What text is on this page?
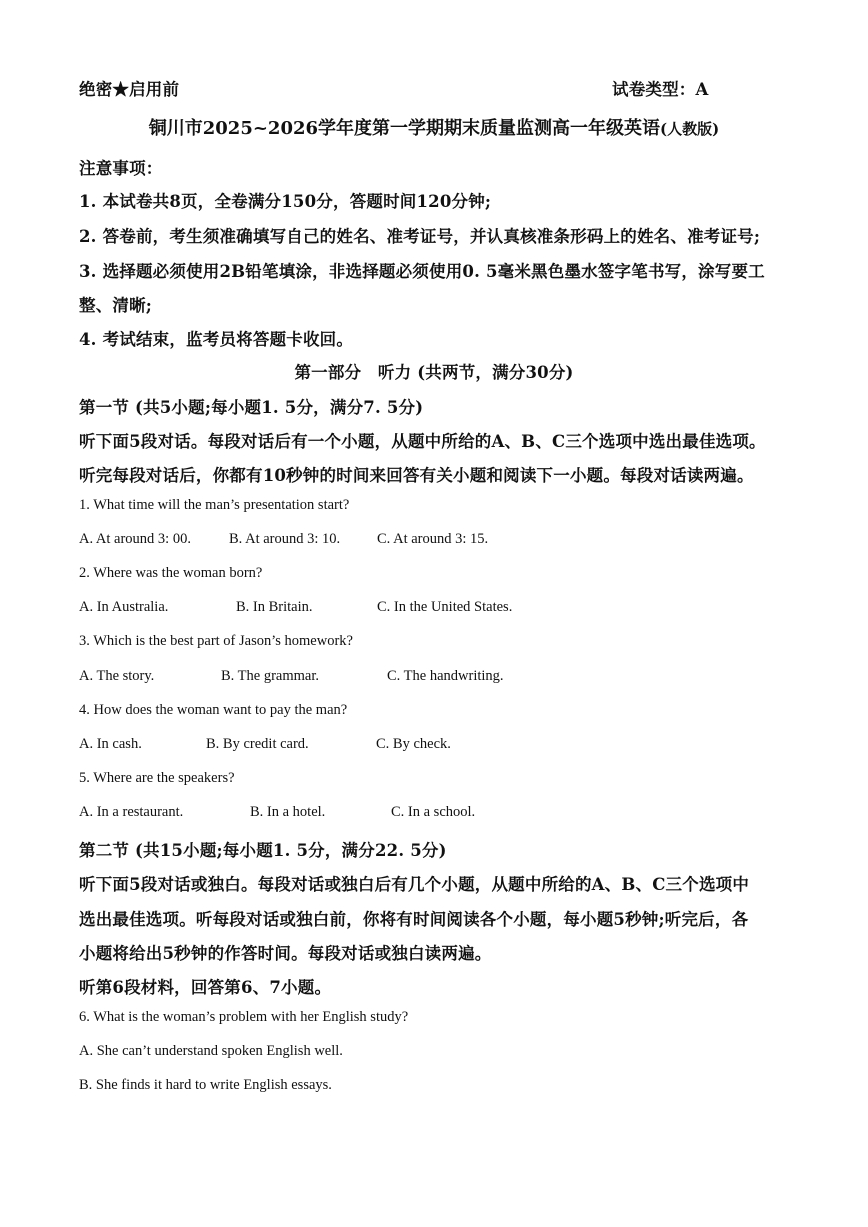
绝密★启用前	试卷类型：A
铜川市2025~2026学年度第一学期期末质量监测高一年级英语(人教版)
注意事项：
1. 本试卷共8页，全卷满分150分，答题时间120分钟;
2. 答卷前，考生须准确填写自己的姓名、准考证号，并认真核准条形码上的姓名、准考证号;
3. 选择题必须使用2B铅笔填涂，非选择题必须使用0. 5毫米黑色墨水签字笔书写，涂写要工
整、清晰;
4. 考试结束，监考员将答题卡收回。
第一部分　听力 (共两节，满分30分)
第一节 (共5小题;每小题1. 5分，满分7. 5分)
听下面5段对话。每段对话后有一个小题，从题中所给的A、B、C三个选项中选出最佳选项。
听完每段对话后，你都有10秒钟的时间来回答有关小题和阅读下一小题。每段对话读两遍。
1. What time will the man’s presentation start?
A. At around 3: 00.	B. At around 3: 10.	C. At around 3: 15.
2. Where was the woman born?
A. In Australia.	B. In Britain.	C. In the United States.
3. Which is the best part of Jason’s homework?
A. The story.	B. The grammar.	C. The handwriting.
4. How does the woman want to pay the man?
A. In cash.	B. By credit card.	C. By check.
5. Where are the speakers?
A. In a restaurant.	B. In a hotel.	C. In a school.
第二节 (共15小题;每小题1. 5分，满分22. 5分)
听下面5段对话或独白。每段对话或独白后有几个小题，从题中所给的A、B、C三个选项中
选出最佳选项。听每段对话或独白前，你将有时间阅读各个小题，每小题5秒钟;听完后，各
小题将给出5秒钟的作答时间。每段对话或独白读两遍。
听第6段材料，回答第6、7小题。
6. What is the woman’s problem with her English study?
A. She can’t understand spoken English well.
B. She finds it hard to write English essays.
